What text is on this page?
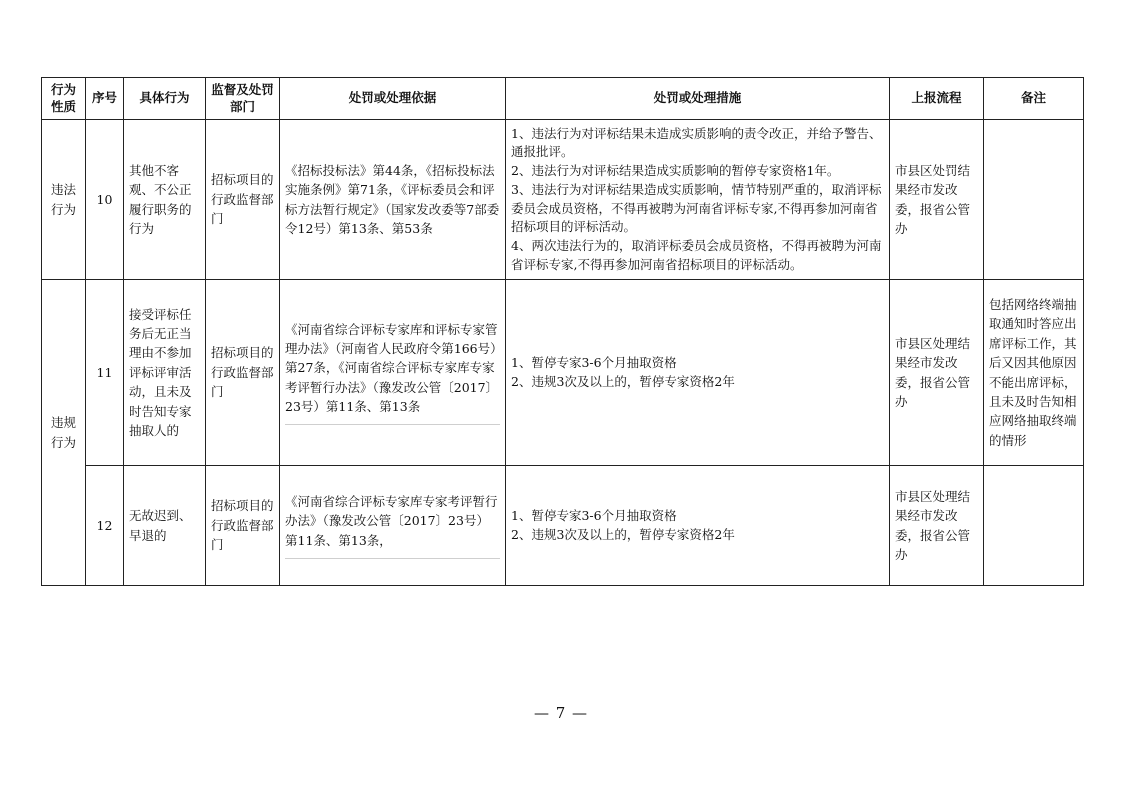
行为性质	序号	具体行为	监督及处罚部门	处罚或处理依据	处罚或处理措施	上报流程	备注
违法行为	10	其他不客观、不公正履行职务的行为	招标项目的行政监督部门	《招标投标法》第44条，《招标投标法实施条例》第71条，《评标委员会和评标方法暂行规定》（国家发改委等7部委令12号）第13条、第53条	1、违法行为对评标结果未造成实质影响的责令改正，并给予警告、通报批评。
2、违法行为对评标结果造成实质影响的暂停专家资格1年。
3、违法行为对评标结果造成实质影响，情节特别严重的，取消评标委员会成员资格，不得再被聘为河南省评标专家,不得再参加河南省招标项目的评标活动。
4、两次违法行为的，取消评标委员会成员资格，不得再被聘为河南省评标专家,不得再参加河南省招标项目的评标活动。	市县区处罚结果经市发改委，报省公管办	
违规行为	11	接受评标任务后无正当理由不参加评标评审活动，且未及时告知专家抽取人的	招标项目的行政监督部门	《河南省综合评标专家库和评标专家管理办法》（河南省人民政府令第166号）第27条，《河南省综合评标专家库专家考评暂行办法》（豫发改公管〔2017〕23号）第11条、第13条	1、暂停专家3-6个月抽取资格
2、违规3次及以上的，暂停专家资格2年	市县区处理结果经市发改委，报省公管办	包括网络终端抽取通知时答应出席评标工作，其后又因其他原因不能出席评标，且未及时告知相应网络抽取终端的情形
	12	无故迟到、早退的	招标项目的行政监督部门	《河南省综合评标专家库专家考评暂行办法》（豫发改公管〔2017〕23号）第11条、第13条，	1、暂停专家3-6个月抽取资格
2、违规3次及以上的，暂停专家资格2年	市县区处理结果经市发改委，报省公管办	
— 7 —
